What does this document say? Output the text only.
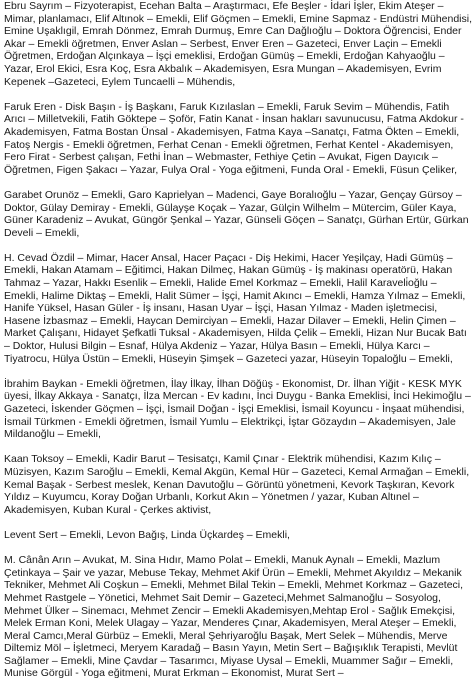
Ebru Sayrım – Fizyoterapist, Ecehan Balta – Araştırmacı, Efe Beşler - İdari İşler, Ekim Ateşer – Mimar, planlamacı, Elif Altınok – Emekli, Elif Göçmen – Emekli, Emine Sapmaz - Endüstri Mühendisi, Emine Uşaklıgil, Emrah Dönmez, Emrah Durmuş, Emre Can Dağlıoğlu – Doktora Öğrencisi, Ender Akar – Emekli öğretmen, Enver Aslan – Serbest, Enver Eren – Gazeteci, Enver Laçin – Emekli Öğretmen, Erdoğan Alçınkaya – İşçi emeklisi, Erdoğan Gümüş – Emekli, Erdoğan Kahyaoğlu – Yazar, Erol Ekici, Esra Koç, Esra Akbalık – Akademisyen, Esra Mungan – Akademisyen, Evrim Kepenek –Gazeteci, Eylem Tuncaelli – Mühendis,

Faruk Eren - Disk Başın - İş Başkanı, Faruk Kızılaslan – Emekli, Faruk Sevim – Mühendis, Fatih Arıcı – Milletvekili, Fatih Göktepe – Şoför, Fatin Kanat - İnsan hakları savunucusu, Fatma Akdokur - Akademisyen, Fatma Bostan Ünsal - Akademisyen, Fatma Kaya –Sanatçı, Fatma Ökten – Emekli, Fatoş Nergis - Emekli öğretmen, Ferhat Cenan - Emekli öğretmen, Ferhat Kentel - Akademisyen, Fero Firat - Serbest çalışan, Fethi İnan – Webmaster, Fethiye Çetin – Avukat, Figen Dayıcık – Öğretmen, Figen Şakacı – Yazar, Fulya Oral - Yoga eğitmeni, Funda Oral - Emekli, Füsun Çeliker,

Garabet Orunöz – Emekli, Garo Kaprielyan – Madenci, Gaye Boralıoğlu – Yazar, Gençay Gürsoy – Doktor, Gülay Demiray - Emekli, Gülayşe Koçak – Yazar, Gülçin Wilhelm – Mütercim, Güler Kaya, Güner Karadeniz – Avukat, Güngör Şenkal – Yazar, Günseli Göçen – Sanatçı, Gürhan Ertür, Gürkan Develi – Emekli,

H. Cevad Özdil – Mimar, Hacer Ansal, Hacer Paçacı - Diş Hekimi, Hacer Yeşilçay, Hadi Gümüş – Emekli, Hakan Atamam – Eğitimci, Hakan Dilmeç, Hakan Gümüş - İş makinası operatörü, Hakan Tahmaz – Yazar, Hakkı Esenlik – Emekli, Halide Emel Korkmaz – Emekli, Halil Karaveli̇oğlu – Emekli, Halime Diktaş – Emekli, Halit Sümer – İşçi, Hamit Akıncı – Emekli, Hamza Yılmaz – Emekli, Hanife Yüksel, Hasan Güler - İş insanı, Hasan Uyar – İşçi, Hasan Yılmaz - Maden işletmecisi, Hasene İzbasmaz – Emekli, Haycan Demirciyan – Emekli, Hazar Dilaver – Emekli, Helin Çimen – Market Çalışanı, Hidayet Şefkatli Tuksal - Akademisyen, Hilda Çelik – Emekli, Hizan Nur Bucak Batı – Doktor, Hulusi Bilgin – Esnaf, Hülya Akdeniz – Yazar, Hülya Basın – Emekli, Hülya Karcı – Tiyatrocu, Hülya Üstün – Emekli, Hüseyin Şimşek – Gazeteci yazar, Hüseyin Topaloğlu – Emekli,

İbrahim Baykan - Emekli öğretmen, İlay İlkay, İlhan Döğüş - Ekonomist, Dr. İlhan Yiğit - KESK MYK üyesi, İlkay Akkaya - Sanatçı, İlza Mercan - Ev kadını, İnci Duygu - Banka Emeklisi, İnci Hekimoğlu – Gazeteci, İskender Göçmen – İşçi, İsmail Doğan - İşçi Emeklisi, İsmail Koyuncu - İnşaat mühendisi, İsmail Türkmen - Emekli öğretmen, İsmail Yumlu – Elektrikçi, İştar Gözaydın – Akademisyen, Jale Mildanoğlu – Emekli,

Kaan Toksoy – Emekli, Kadir Barut – Tesisatçı, Kamil Çınar - Elektrik mühendisi, Kazım Kılıç – Müzisyen, Kazım Saroğlu – Emekli, Kemal Akgün, Kemal Hür – Gazeteci, Kemal Armağan – Emekli, Kemal Başak - Serbest meslek, Kenan Davutoğlu – Görüntü yönetmeni, Kevork Taşkıran, Kevork Yıldız – Kuyumcu, Koray Doğan Urbanlı, Korkut Akın – Yönetmen / yazar, Kuban Altınel – Akademisyen, Kuban Kural - Çerkes aktivist,

Levent Sert – Emekli, Levon Bağış, Linda Üçkardeş – Emekli,

M. Cânân Arın – Avukat, M. Sina Hıdır, Mamo Polat – Emekli, Manuk Aynalı – Emekli, Mazlum Çetinkaya – Şair ve yazar, Mebuse Tekay, Mehmet Akif Ürün – Emekli, Mehmet Akyıldız – Mekanik Tekniker, Mehmet Ali Coşkun – Emekli, Mehmet Bilal Tekin – Emekli, Mehmet Korkmaz – Gazeteci, Mehmet Rastgele – Yönetici, Mehmet Sait Demir – Gazeteci,Mehmet Salmanoğlu – Sosyolog, Mehmet Ülker – Sinemacı, Mehmet Zencir – Emekli Akademisyen,Mehtap Erol - Sağlık Emekçisi, Melek Erman Koni, Melek Ulagay – Yazar, Menderes Çınar, Akademisyen, Meral Ateşer – Emekli, Meral Camcı,Meral Gürbüz – Emekli, Meral Şehriyaroğlu Başak, Mert Selek – Mühendis, Merve Diltemiz Möl – İşletmeci, Meryem Karadağ – Basın Yayın, Metin Sert – Bağışıklık Terapisti, Mevlüt Sağlamer – Emekli, Mine Çavdar – Tasarımcı, Miyase Uysal – Emekli, Muammer Sağır – Emekli, Munise Görgül - Yoga eğitmeni, Murat Erkman – Ekonomist, Murat Sert –
